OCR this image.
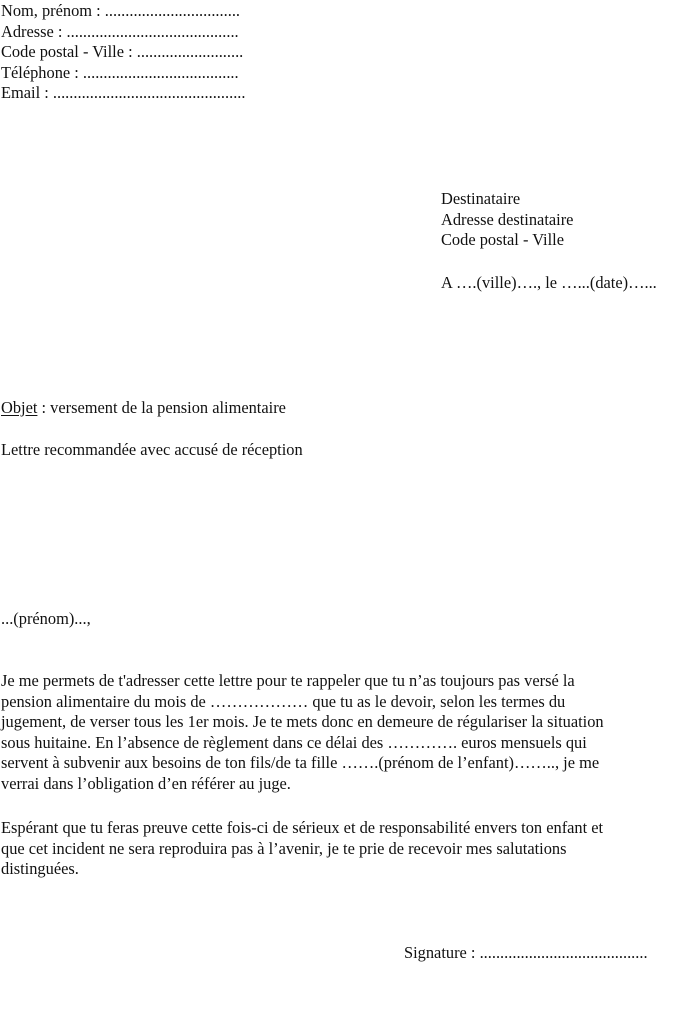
Nom, prénom : .................................
Adresse : ..........................................
Code postal - Ville : ..........................
Téléphone : ......................................
Email : ...............................................
Destinataire
Adresse destinataire
Code postal - Ville
A ….(ville)…., le …...(date)…...
Objet : versement de la pension alimentaire
Lettre recommandée avec accusé de réception
...(prénom)...,
Je me permets de t'adresser cette lettre pour te rappeler que tu n’as toujours pas versé la
pension alimentaire du mois de ……………… que tu as le devoir, selon les termes du
jugement, de verser tous les 1er mois. Je te mets donc en demeure de régulariser la situation
sous huitaine. En l’absence de règlement dans ce délai des …………. euros mensuels qui
servent à subvenir aux besoins de ton fils/de ta fille …….(prénom de l’enfant)…….., je me
verrai dans l’obligation d’en référer au juge.
Espérant que tu feras preuve cette fois-ci de sérieux et de responsabilité envers ton enfant et
que cet incident ne sera reproduira pas à l’avenir, je te prie de recevoir mes salutations
distinguées.
Signature : .........................................
